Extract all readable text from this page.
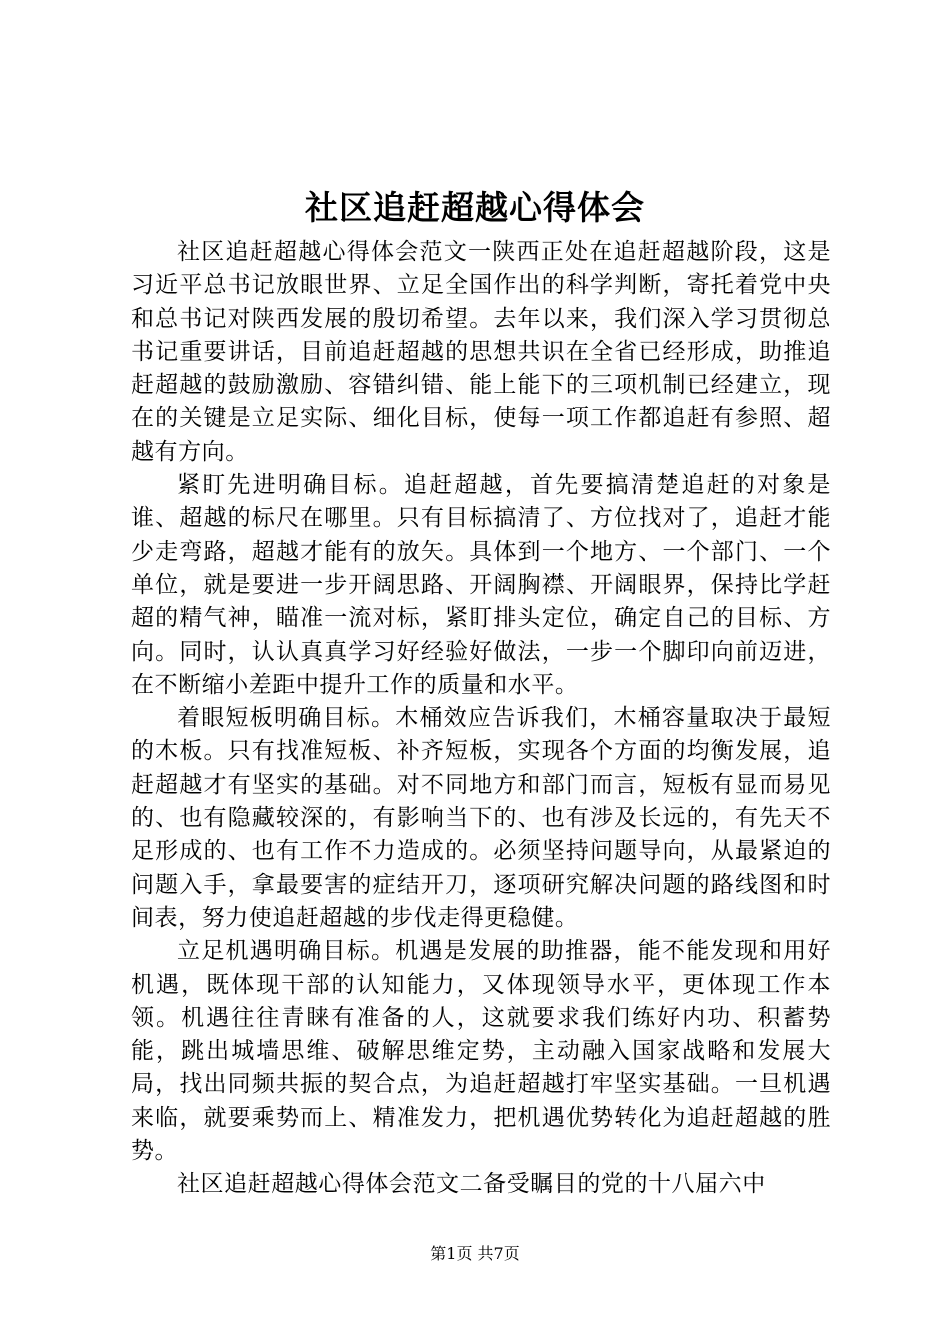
社区追赶超越心得体会

社区追赶超越心得体会范文一陕西正处在追赶超越阶段，这是习近平总书记放眼世界、立足全国作出的科学判断，寄托着党中央和总书记对陕西发展的殷切希望。去年以来，我们深入学习贯彻总书记重要讲话，目前追赶超越的思想共识在全省已经形成，助推追赶超越的鼓励激励、容错纠错、能上能下的三项机制已经建立，现在的关键是立足实际、细化目标，使每一项工作都追赶有参照、超越有方向。

紧盯先进明确目标。追赶超越，首先要搞清楚追赶的对象是谁、超越的标尺在哪里。只有目标搞清了、方位找对了，追赶才能少走弯路，超越才能有的放矢。具体到一个地方、一个部门、一个单位，就是要进一步开阔思路、开阔胸襟、开阔眼界，保持比学赶超的精气神，瞄准一流对标，紧盯排头定位，确定自己的目标、方向。同时，认认真真学习好经验好做法，一步一个脚印向前迈进，在不断缩小差距中提升工作的质量和水平。

着眼短板明确目标。木桶效应告诉我们，木桶容量取决于最短的木板。只有找准短板、补齐短板，实现各个方面的均衡发展，追赶超越才有坚实的基础。对不同地方和部门而言，短板有显而易见的、也有隐藏较深的，有影响当下的、也有涉及长远的，有先天不足形成的、也有工作不力造成的。必须坚持问题导向，从最紧迫的问题入手，拿最要害的症结开刀，逐项研究解决问题的路线图和时间表，努力使追赶超越的步伐走得更稳健。

立足机遇明确目标。机遇是发展的助推器，能不能发现和用好机遇，既体现干部的认知能力，又体现领导水平，更体现工作本领。机遇往往青睐有准备的人，这就要求我们练好内功、积蓄势能，跳出城墙思维、破解思维定势，主动融入国家战略和发展大局，找出同频共振的契合点，为追赶超越打牢坚实基础。一旦机遇来临，就要乘势而上、精准发力，把机遇优势转化为追赶超越的胜势。

社区追赶超越心得体会范文二备受瞩目的党的十八届六中

第1页 共7页
